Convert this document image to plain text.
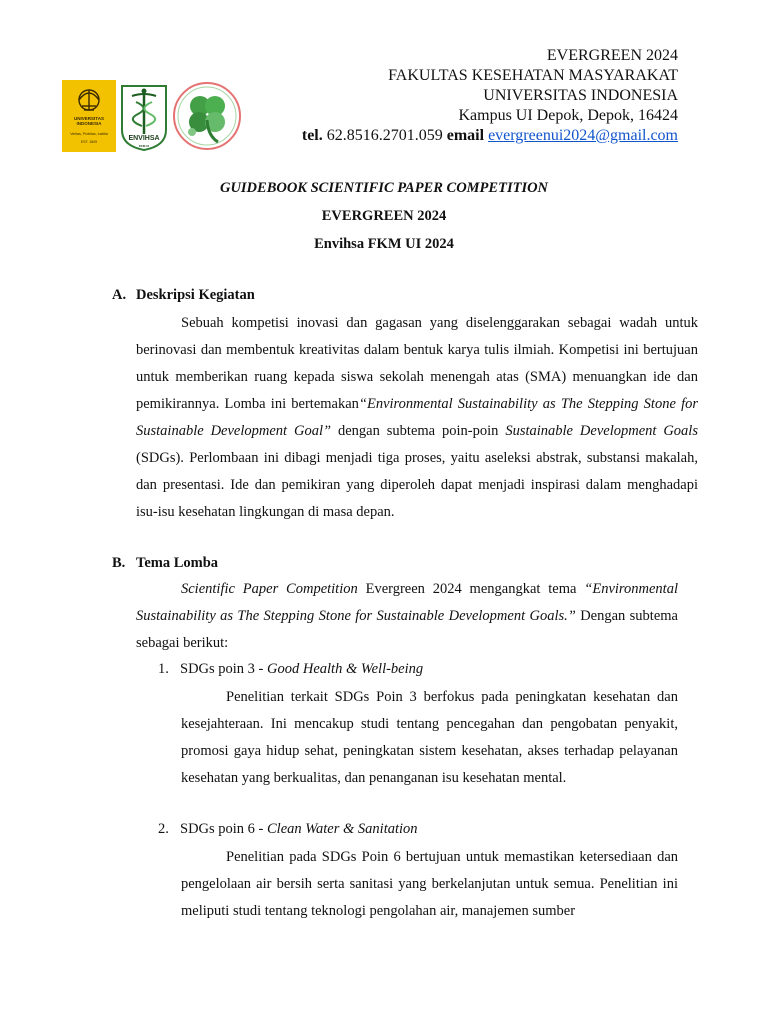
UNIVERSITAS INDONESIA
Veritas, Probitas, Iustitia
EST. 1849	ENVIHSA
FKM UI
EVERGREEN 2024
FAKULTAS KESEHATAN MASYARAKAT
UNIVERSITAS INDONESIA
Kampus UI Depok, Depok, 16424
tel. 62.8516.2701.059 email evergreenui2024@gmail.com
GUIDEBOOK SCIENTIFIC PAPER COMPETITION
EVERGREEN 2024
Envihsa FKM UI 2024
A. Deskripsi Kegiatan
Sebuah kompetisi inovasi dan gagasan yang diselenggarakan sebagai wadah untuk berinovasi dan membentuk kreativitas dalam bentuk karya tulis ilmiah. Kompetisi ini bertujuan untuk memberikan ruang kepada siswa sekolah menengah atas (SMA) menuangkan ide dan pemikirannya. Lomba ini bertemakan“Environmental Sustainability as The Stepping Stone for Sustainable Development Goal” dengan subtema poin-poin Sustainable Development Goals (SDGs). Perlombaan ini dibagi menjadi tiga proses, yaitu aseleksi abstrak, substansi makalah, dan presentasi. Ide dan pemikiran yang diperoleh dapat menjadi inspirasi dalam menghadapi isu-isu kesehatan lingkungan di masa depan.
B. Tema Lomba
Scientific Paper Competition Evergreen 2024 mengangkat tema “Environmental Sustainability as The Stepping Stone for Sustainable Development Goals.” Dengan subtema sebagai berikut:
1. SDGs poin 3 -
Good Health & Well-being
Penelitian terkait SDGs Poin 3 berfokus pada peningkatan kesehatan dan kesejahteraan. Ini mencakup studi tentang pencegahan dan pengobatan penyakit, promosi gaya hidup sehat, peningkatan sistem kesehatan, akses terhadap pelayanan kesehatan yang berkualitas, dan penanganan isu kesehatan mental.
2. SDGs poin 6 -
Clean Water & Sanitation
Penelitian pada SDGs Poin 6 bertujuan untuk memastikan ketersediaan dan pengelolaan air bersih serta sanitasi yang berkelanjutan untuk semua. Penelitian ini meliputi studi tentang teknologi pengolahan air, manajemen sumber
